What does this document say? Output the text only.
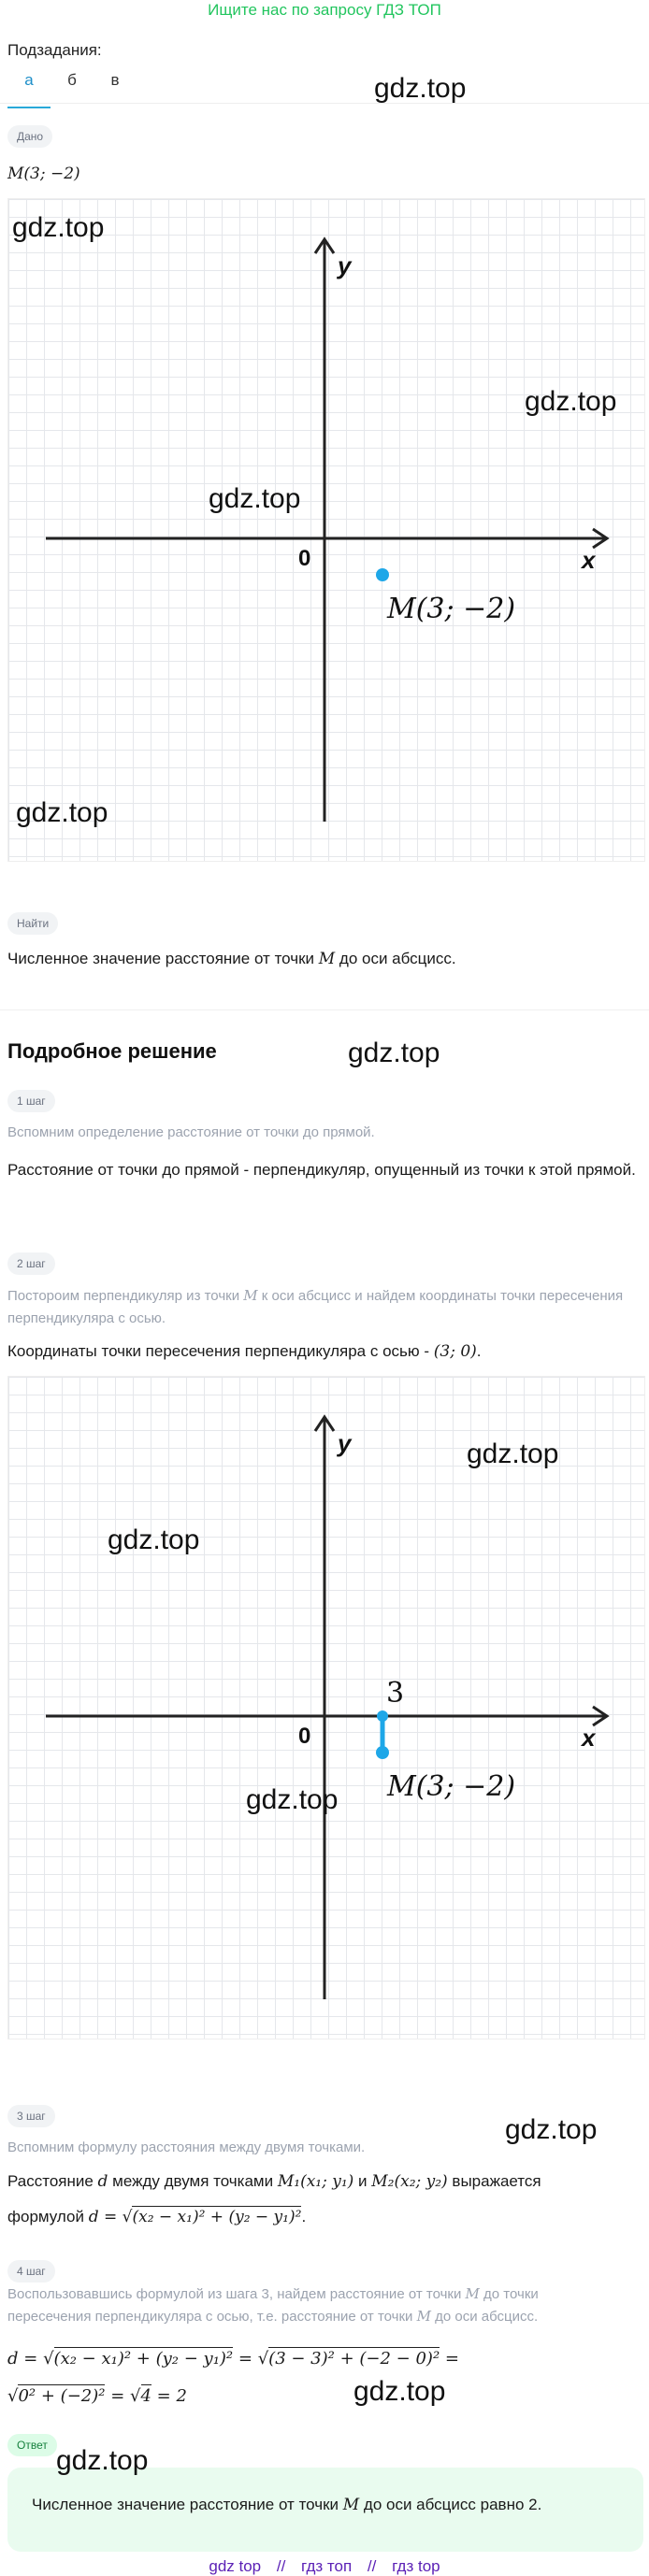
Ищите нас по запросу ГДЗ ТОП
Подзадания:
а	б	в	gdz.top
Дано
M(3; −2)
x
y
0
M(3; −2)
gdz.top
gdz.top
gdz.top
gdz.top
Найти
Численное значение расстояние от точки M до оси абсцисс.
Подробное решение	gdz.top
1 шаг
Вспомним определение расстояние от точки до прямой.
Расстояние от точки до прямой - перпендикуляр, опущенный из точки к этой прямой.
2 шаг
Постороим перпендикуляр из точки M к оси абсцисс и найдем координаты точки пересечения перпендикуляра с осью.
Координаты точки пересечения перпендикуляра с осью - (3; 0).
x
y
0
3
M(3; −2)
gdz.top
gdz.top
gdz.top
3 шаг	gdz.top
Вспомним формулу расстояния между двумя точками.
Расстояние d между двумя точками M₁(x₁; y₁) и M₂(x₂; y₂) выражается
формулой d = √(x₂ − x₁)² + (y₂ − y₁)².
4 шаг
Воспользовавшись формулой из шага 3, найдем расстояние от точки M до точки
пересечения перпендикуляра с осью, т.е. расстояние от точки M до оси абсцисс.
d = √(x₂ − x₁)² + (y₂ − y₁)² = √(3 − 3)² + (−2 − 0)² =
√0² + (−2)² = √4 = 2	gdz.top
Ответ
Численное значение расстояние от точки M до оси абсцисс равно 2.
gdz.top
gdz top // гдз топ // гдз top
